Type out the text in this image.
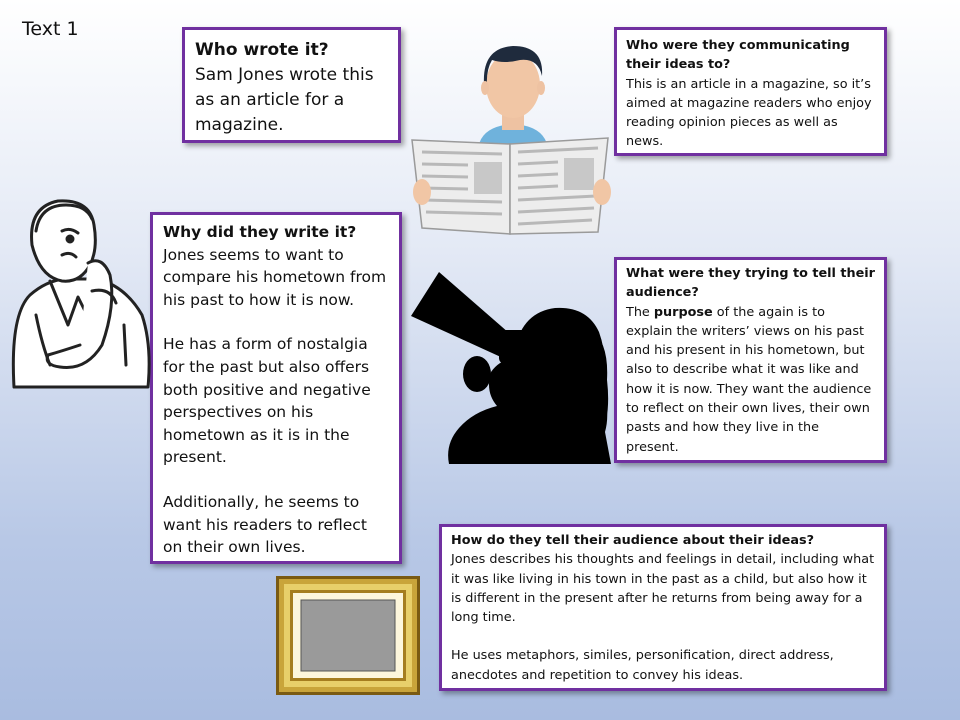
Text 1
Who wrote it?

Sam Jones wrote this as an article for a magazine.

Why did they write it?

Jones seems to want to compare his hometown from his past to how it is now.

He has a form of nostalgia for the past but also offers both positive and negative perspectives on his hometown as it is in the present.

Additionally, he seems to want his readers to reflect on their own lives.

Who were they communicating their ideas to?

This is an article in a magazine, so it’s aimed at magazine readers who enjoy reading opinion pieces as well as news.

What were they trying to tell their audience?

The purpose of the again is to explain the writers’ views on his past and his present in his hometown, but also to describe what it was like and how it is now. They want the audience to reflect on their own lives, their own pasts and how they live in the present.

How do they tell their audience about their ideas?

Jones describes his thoughts and feelings in detail, including what it was like living in his town in the past as a child, but also how it is different in the present after he returns from being away for a long time.

He uses metaphors, similes, personification, direct address, anecdotes and repetition to convey his ideas.
